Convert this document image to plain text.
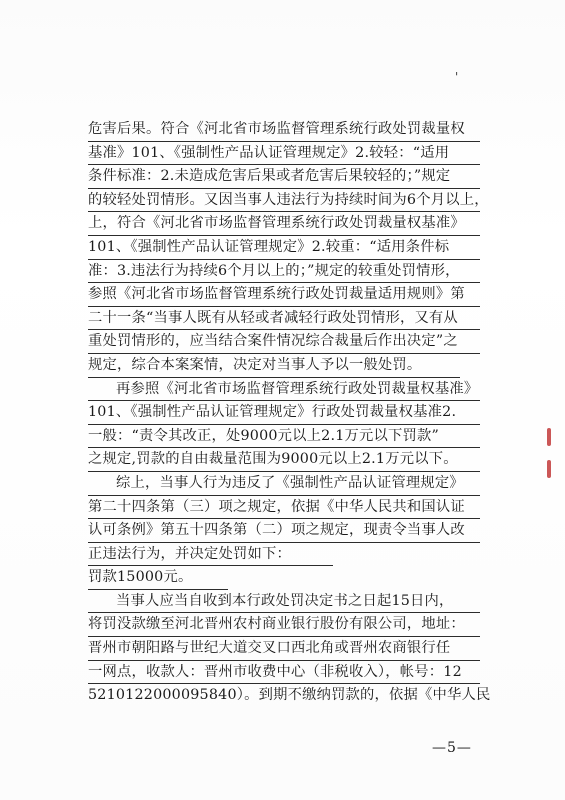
'
危害后果。符合《河北省市场监督管理系统行政处罚裁量权
基准》101、《强制性产品认证管理规定》2.较轻：“适用
条件标准：2.未造成危害后果或者危害后果较轻的；”规定
的较轻处罚情形。又因当事人违法行为持续时间为6个月以上，
上，符合《河北省市场监督管理系统行政处罚裁量权基准》
101、《强制性产品认证管理规定》2.较重：“适用条件标
准：3.违法行为持续6个月以上的；”规定的较重处罚情形，
参照《河北省市场监督管理系统行政处罚裁量适用规则》第
二十一条“当事人既有从轻或者减轻行政处罚情形，又有从
重处罚情形的，应当结合案件情况综合裁量后作出决定”之
规定，综合本案案情，决定对当事人予以一般处罚。
再参照《河北省市场监督管理系统行政处罚裁量权基准》
101、《强制性产品认证管理规定》行政处罚裁量权基准2.
一般：“责令其改正，处9000元以上2.1万元以下罚款”
之规定,罚款的自由裁量范围为9000元以上2.1万元以下。
综上，当事人行为违反了《强制性产品认证管理规定》
第二十四条第（三）项之规定，依据《中华人民共和国认证
认可条例》第五十四条第（二）项之规定，现责令当事人改
正违法行为，并决定处罚如下：
罚款15000元。
当事人应当自收到本行政处罚决定书之日起15日内，
将罚没款缴至河北晋州农村商业银行股份有限公司，地址：
晋州市朝阳路与世纪大道交叉口西北角或晋州农商银行任
一网点，收款人：晋州市收费中心（非税收入），帐号：12
5210122000095840）。到期不缴纳罚款的，依据《中华人民
—5—
